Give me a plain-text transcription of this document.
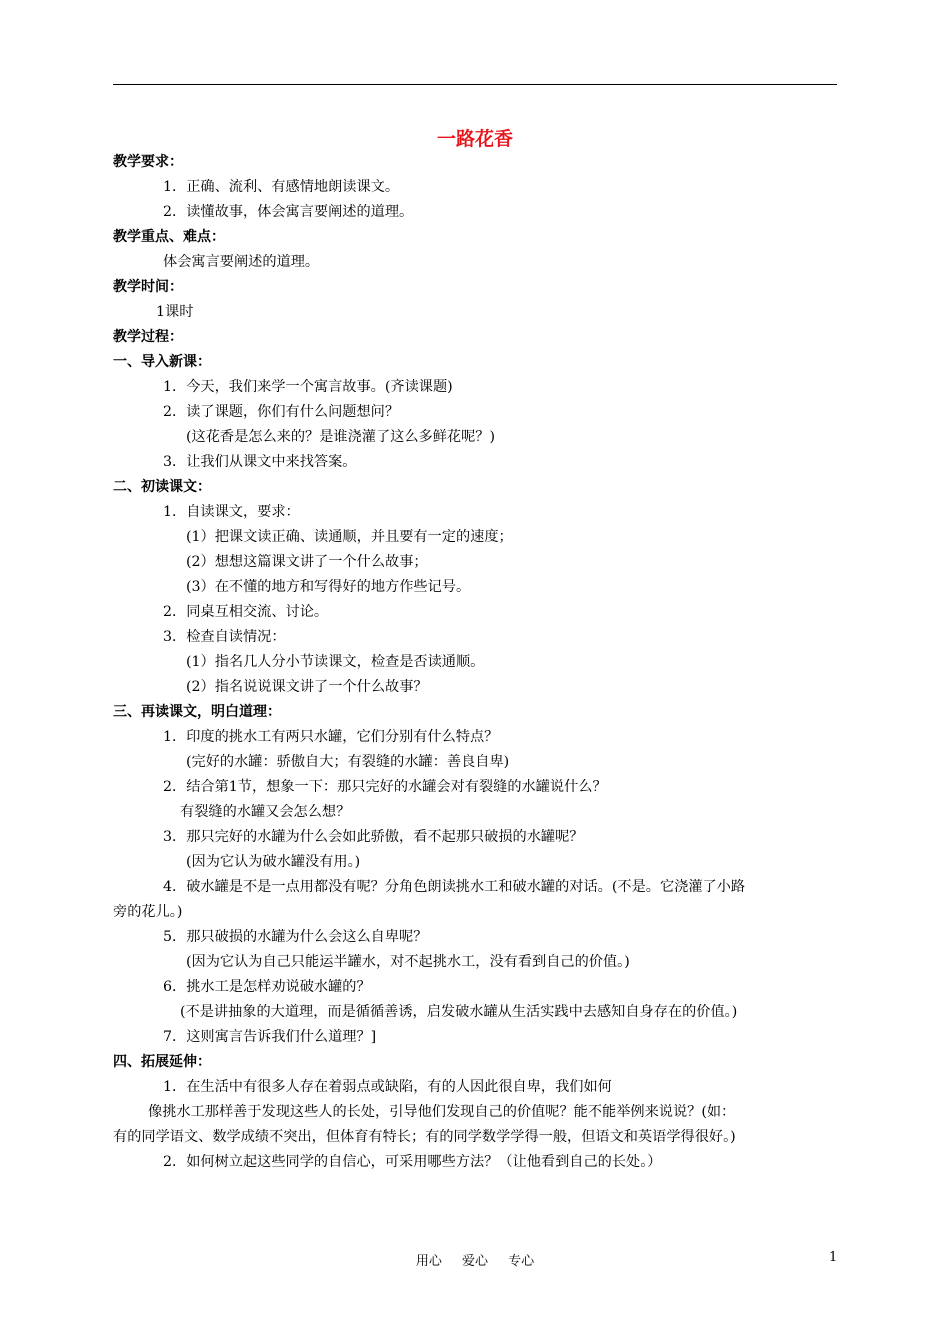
一路花香
教学要求：
1．正确、流利、有感情地朗读课文。
2．读懂故事，体会寓言要阐述的道理。
教学重点、难点：
体会寓言要阐述的道理。
教学时间：
1课时
教学过程：
一、导入新课：
1．今天，我们来学一个寓言故事。(齐读课题)
2．读了课题，你们有什么问题想问？
(这花香是怎么来的？是谁浇灌了这么多鲜花呢？)
3．让我们从课文中来找答案。
二、初读课文：
1．自读课文，要求：
(1）把课文读正确、读通顺，并且要有一定的速度；
(2）想想这篇课文讲了一个什么故事；
(3）在不懂的地方和写得好的地方作些记号。
2．同桌互相交流、讨论。
3．检查自读情况：
(1）指名几人分小节读课文，检查是否读通顺。
(2）指名说说课文讲了一个什么故事？
三、再读课文，明白道理：
1．印度的挑水工有两只水罐，它们分别有什么特点？
(完好的水罐：骄傲自大；有裂缝的水罐：善良自卑)
2．结合第1节，想象一下：那只完好的水罐会对有裂缝的水罐说什么？
有裂缝的水罐又会怎么想？
3．那只完好的水罐为什么会如此骄傲，看不起那只破损的水罐呢？
(因为它认为破水罐没有用。)
4．破水罐是不是一点用都没有呢？分角色朗读挑水工和破水罐的对话。(不是。它浇灌了小路
旁的花儿。)
5．那只破损的水罐为什么会这么自卑呢？
(因为它认为自己只能运半罐水，对不起挑水工，没有看到自己的价值。)
6．挑水工是怎样劝说破水罐的？
(不是讲抽象的大道理，而是循循善诱，启发破水罐从生活实践中去感知自身存在的价值。)
7．这则寓言告诉我们什么道理？]
四、拓展延伸：
1．在生活中有很多人存在着弱点或缺陷，有的人因此很自卑，我们如何
像挑水工那样善于发现这些人的长处，引导他们发现自己的价值呢？能不能举例来说说？(如：
有的同学语文、数学成绩不突出，但体育有特长；有的同学数学学得一般，但语文和英语学得很好。)
2．如何树立起这些同学的自信心，可采用哪些方法？（让他看到自己的长处。）
用心 爱心 专心	1
